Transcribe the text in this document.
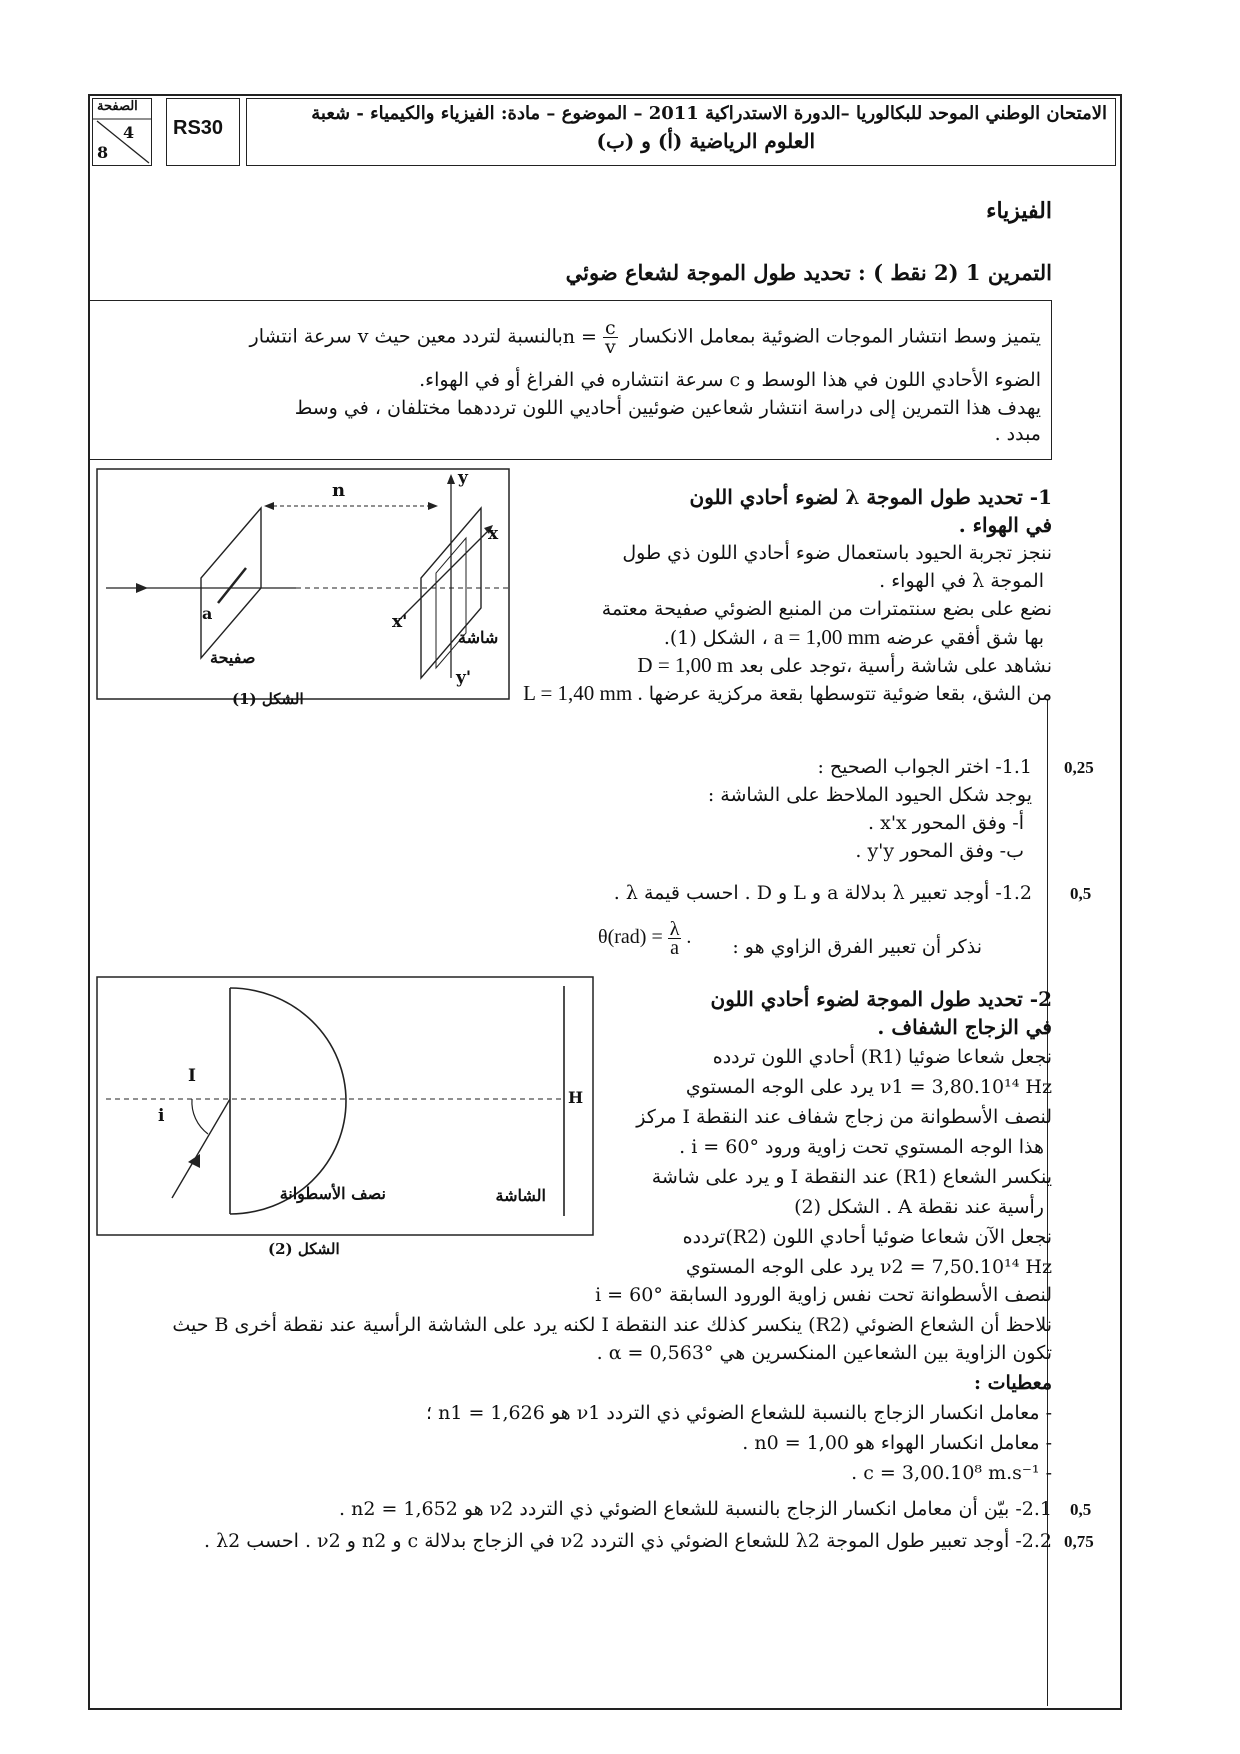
الصفحة
4
8
RS30
الامتحان الوطني الموحد للبكالوريا –الدورة الاستدراكية 2011 – الموضوع – مادة: الفيزياء والكيمياء - شعبة
العلوم الرياضية (أ) و (ب)
الفيزياء
التمرين 1 (2 نقط ) : تحديد طول الموجة لشعاع ضوئي
يتميز وسط انتشار الموجات الضوئية بمعامل الانكسار $n = \frac{c}{v}$
بالنسبة لتردد معين حيث v سرعة انتشار
الضوء الأحادي اللون في هذا الوسط و c سرعة انتشاره في الفراغ أو في الهواء.
يهدف هذا التمرين إلى دراسة انتشار شعاعين ضوئيين أحاديي اللون ترددهما مختلفان ، في وسط
مبدد .
n
y
x
x'
y'
a
صفيحة
شاشة
الشكل (1)
1- تحديد طول الموجة λ لضوء أحادي اللون
في الهواء .
ننجز تجربة الحيود باستعمال ضوء أحادي اللون ذي طول
الموجة λ في الهواء .
نضع على بضع سنتمترات من المنبع الضوئي صفيحة معتمة
بها شق أفقي عرضه a = 1,00 mm ، الشكل (1).
نشاهد على شاشة رأسية ،توجد على بعد D = 1,00 m
من الشق، بقعا ضوئية تتوسطها بقعة مركزية عرضها L = 1,40 mm .
1.1- اختر الجواب الصحيح :
يوجد شكل الحيود الملاحظ على الشاشة :
أ- وفق المحور x'x .
ب- وفق المحور y'y .
1.2- أوجد تعبير λ بدلالة a و L و D . احسب قيمة λ .
نذكر أن تعبير الفرق الزاوي هو :
$\theta(rad) = \frac{\lambda}{a}$ .
I
i
H
نصف الأسطوانة	الشاشة
الشكل (2)
2- تحديد طول الموجة لضوء أحادي اللون
في الزجاج الشفاف .
نجعل شعاعا ضوئيا (R1) أحادي اللون تردده
ν1 = 3,80.10¹⁴ Hz يرد على الوجه المستوي
لنصف الأسطوانة من زجاج شفاف عند النقطة I مركز
هذا الوجه المستوي تحت زاوية ورود i = 60° .
ينكسر الشعاع (R1) عند النقطة I و يرد على شاشة
رأسية عند نقطة A . الشكل (2)
نجعل الآن شعاعا ضوئيا أحادي اللون (R2)تردده
ν2 = 7,50.10¹⁴ Hz يرد على الوجه المستوي
لنصف الأسطوانة تحت نفس زاوية الورود السابقة i = 60°
نلاحظ أن الشعاع الضوئي (R2) ينكسر كذلك عند النقطة I لكنه يرد على الشاشة الرأسية عند نقطة أخرى B حيث
تكون الزاوية بين الشعاعين المنكسرين هي α = 0,563° .
معطيات :
- معامل انكسار الزجاج بالنسبة للشعاع الضوئي ذي التردد ν1 هو n1 = 1,626 ؛
- معامل انكسار الهواء هو n0 = 1,00 .
- c = 3,00.10⁸ m.s⁻¹ .
2.1- بيّن أن معامل انكسار الزجاج بالنسبة للشعاع الضوئي ذي التردد ν2 هو n2 = 1,652 .
2.2- أوجد تعبير طول الموجة λ2 للشعاع الضوئي ذي التردد ν2 في الزجاج بدلالة c و n2 و ν2 . احسب λ2 .
0,25
0,5
0,5
0,75
